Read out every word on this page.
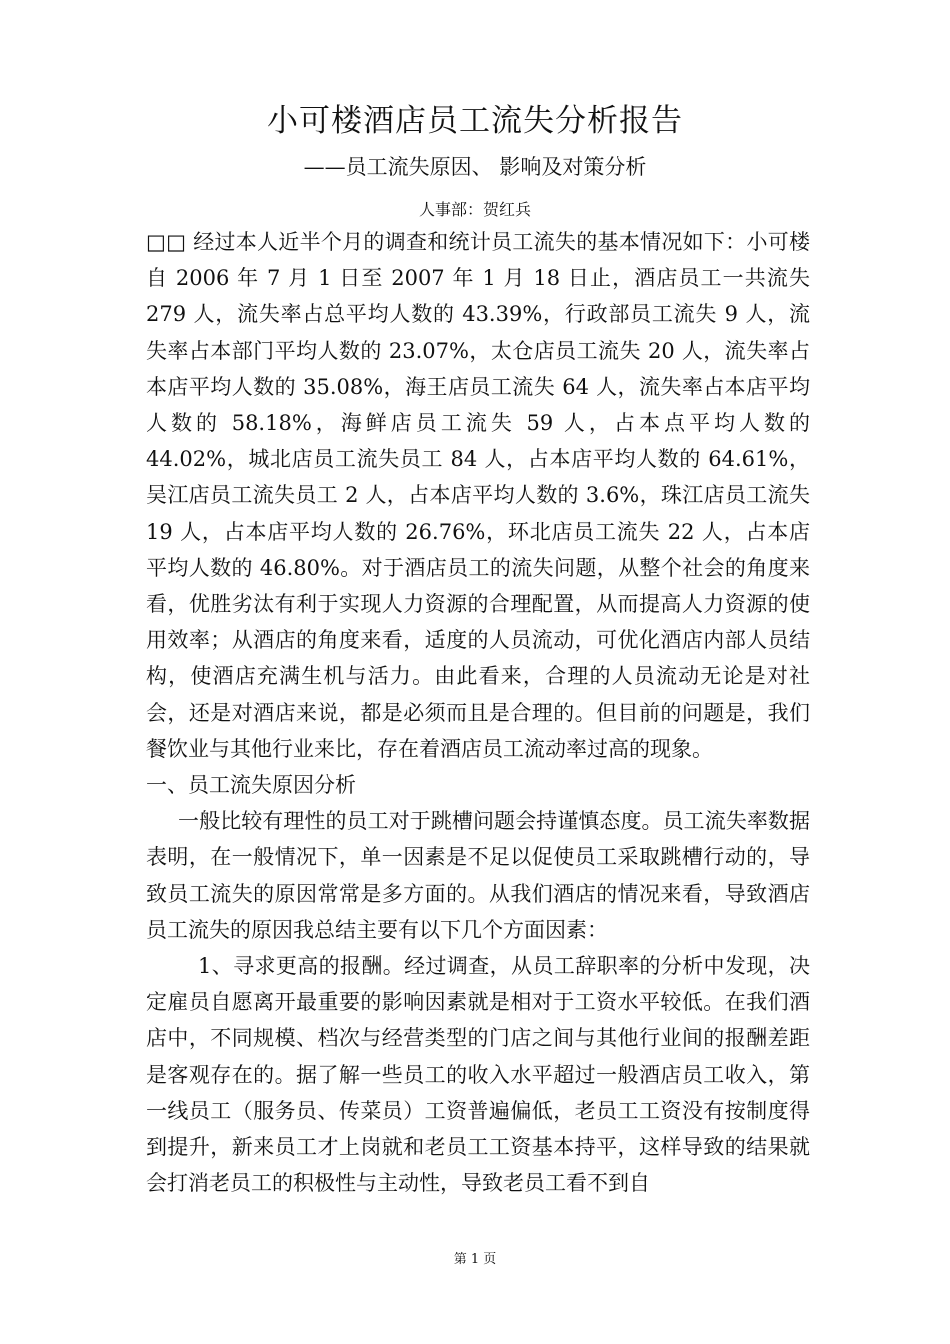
小可楼酒店员工流失分析报告
——员工流失原因、 影响及对策分析
人事部：贺红兵

□□ 经过本人近半个月的调查和统计员工流失的基本情况如下：小可楼自 2006 年 7 月 1 日至 2007 年 1 月 18 日止，酒店员工一共流失 279 人，流失率占总平均人数的 43.39%，行政部员工流失 9 人，流失率占本部门平均人数的 23.07%，太仓店员工流失 20 人，流失率占本店平均人数的 35.08%，海王店员工流失 64 人，流失率占本店平均人数的 58.18%，海鲜店员工流失 59 人，占本点平均人数的 44.02%，城北店员工流失员工 84 人，占本店平均人数的 64.61%，吴江店员工流失员工 2 人，占本店平均人数的 3.6%，珠江店员工流失 19 人，占本店平均人数的 26.76%，环北店员工流失 22 人，占本店平均人数的 46.80%。对于酒店员工的流失问题，从整个社会的角度来看，优胜劣汰有利于实现人力资源的合理配置，从而提高人力资源的使用效率；从酒店的角度来看，适度的人员流动，可优化酒店内部人员结构，使酒店充满生机与活力。由此看来，合理的人员流动无论是对社会，还是对酒店来说，都是必须而且是合理的。但目前的问题是，我们餐饮业与其他行业来比，存在着酒店员工流动率过高的现象。

一、员工流失原因分析

一般比较有理性的员工对于跳槽问题会持谨慎态度。员工流失率数据表明，在一般情况下，单一因素是不足以促使员工采取跳槽行动的，导致员工流失的原因常常是多方面的。从我们酒店的情况来看，导致酒店员工流失的原因我总结主要有以下几个方面因素：

1、寻求更高的报酬。经过调查，从员工辞职率的分析中发现，决定雇员自愿离开最重要的影响因素就是相对于工资水平较低。在我们酒店中，不同规模、档次与经营类型的门店之间与其他行业间的报酬差距是客观存在的。据了解一些员工的收入水平超过一般酒店员工收入，第一线员工（服务员、传菜员）工资普遍偏低，老员工工资没有按制度得到提升，新来员工才上岗就和老员工工资基本持平，这样导致的结果就会打消老员工的积极性与主动性，导致老员工看不到自

第 1 页
